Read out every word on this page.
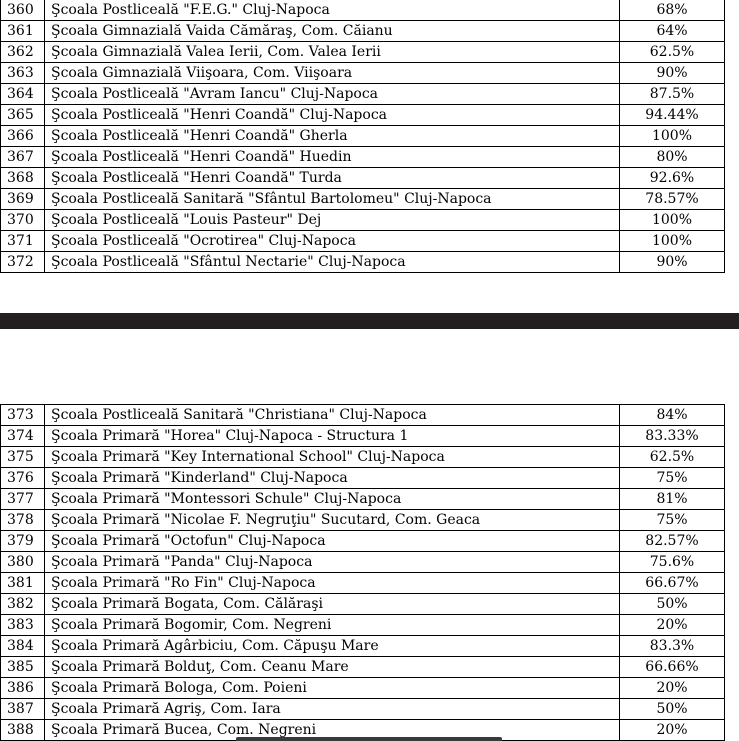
360	Şcoala Postliceală "F.E.G." Cluj-Napoca	68%
361	Şcoala Gimnazială Vaida Cămăraş, Com. Căianu	64%
362	Şcoala Gimnazială Valea Ierii, Com. Valea Ierii	62.5%
363	Şcoala Gimnazială Viişoara, Com. Viişoara	90%
364	Şcoala Postliceală "Avram Iancu" Cluj-Napoca	87.5%
365	Şcoala Postliceală "Henri Coandă" Cluj-Napoca	94.44%
366	Şcoala Postliceală "Henri Coandă" Gherla	100%
367	Şcoala Postliceală "Henri Coandă" Huedin	80%
368	Şcoala Postliceală "Henri Coandă" Turda	92.6%
369	Şcoala Postliceală Sanitară "Sfântul Bartolomeu" Cluj-Napoca	78.57%
370	Şcoala Postliceală "Louis Pasteur" Dej	100%
371	Şcoala Postliceală "Ocrotirea" Cluj-Napoca	100%
372	Şcoala Postliceală "Sfântul Nectarie" Cluj-Napoca	90%
373	Şcoala Postliceală Sanitară "Christiana" Cluj-Napoca	84%
374	Şcoala Primară "Horea" Cluj-Napoca - Structura 1	83.33%
375	Şcoala Primară "Key International School" Cluj-Napoca	62.5%
376	Şcoala Primară "Kinderland" Cluj-Napoca	75%
377	Şcoala Primară "Montessori Schule" Cluj-Napoca	81%
378	Şcoala Primară "Nicolae F. Negruţiu" Sucutard, Com. Geaca	75%
379	Şcoala Primară "Octofun" Cluj-Napoca	82.57%
380	Şcoala Primară "Panda" Cluj-Napoca	75.6%
381	Şcoala Primară "Ro Fin" Cluj-Napoca	66.67%
382	Şcoala Primară Bogata, Com. Călăraşi	50%
383	Şcoala Primară Bogomir, Com. Negreni	20%
384	Şcoala Primară Agârbiciu, Com. Căpuşu Mare	83.3%
385	Şcoala Primară Bolduţ, Com. Ceanu Mare	66.66%
386	Şcoala Primară Bologa, Com. Poieni	20%
387	Şcoala Primară Agriş, Com. Iara	50%
388	Şcoala Primară Bucea, Com. Negreni	20%
